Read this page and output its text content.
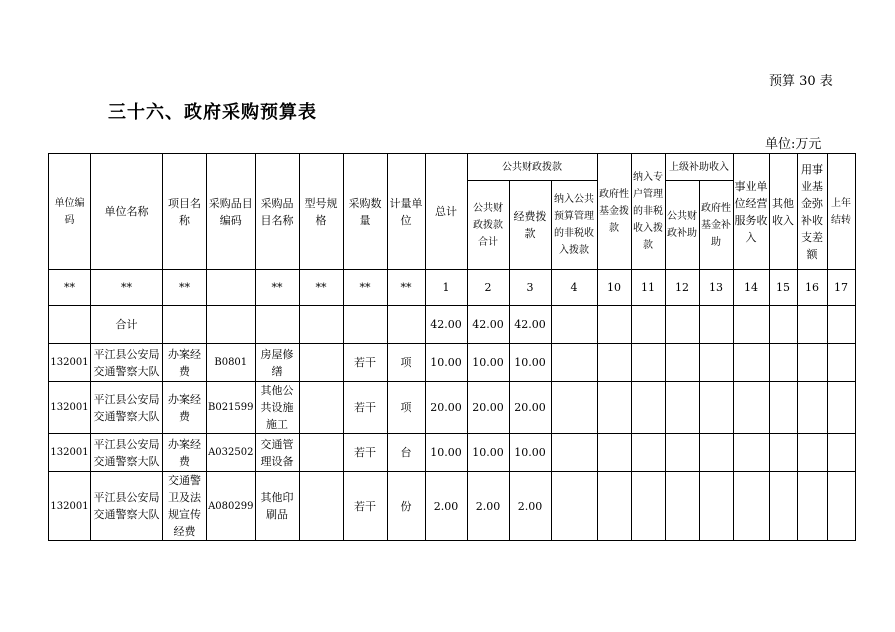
预算 30 表
三十六、政府采购预算表
单位:万元
单位编码	单位名称	项目名称	采购品目编码	采购品目名称	型号规格	采购数量	计量单位	总计	公共财政拨款			政府性基金拨款	纳入专户管理的非税收入拨款	上级补助收入		事业单位经营服务收入	其他收入	用事业基金弥补收支差额	上年结转
									公共财政拨款合计	经费拨款	纳入公共预算管理的非税收入拨款			公共财政补助	政府性基金补助				
**	**	**		**	**	**	**	1	2	3	4	10	11	12	13	14	15	16	17
	合计							42.00	42.00	42.00									
132001	平江县公安局交通警察大队	办案经费	B0801	房屋修缮		若干	项	10.00	10.00	10.00									
132001	平江县公安局交通警察大队	办案经费	B021599	其他公共设施施工		若干	项	20.00	20.00	20.00									
132001	平江县公安局交通警察大队	办案经费	A032502	交通管理设备		若干	台	10.00	10.00	10.00									
132001	平江县公安局交通警察大队	交通警卫及法规宣传经费	A080299	其他印刷品		若干	份	2.00	2.00	2.00									
